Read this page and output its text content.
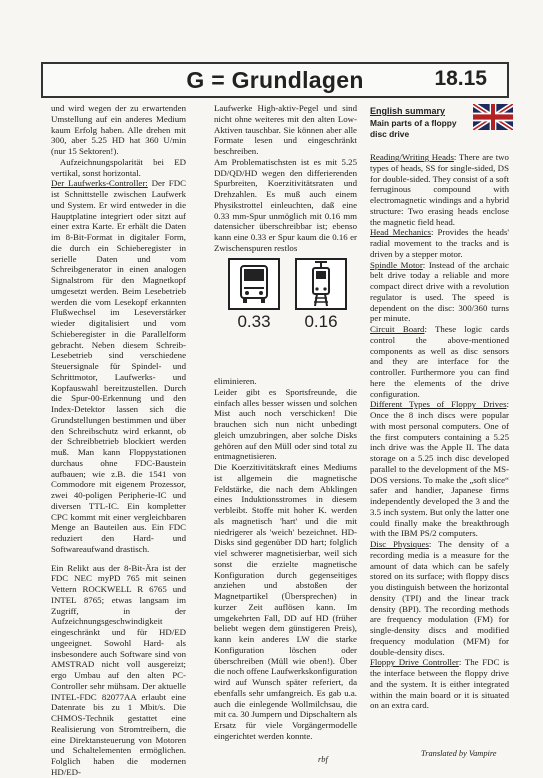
G = Grundlagen	18.15

und wird wegen der zu erwartenden Umstellung auf ein anderes Medium kaum Erfolg haben. Alle drehen mit 300, aber 5.25 HD hat 360 U/min (nur 15 Sektoren!).

 Aufzeichnungspolarität bei ED vertikal, sonst horizontal.

Der Laufwerks-Controller: Der FDC ist Schnittstelle zwischen Laufwerk und System. Er wird entweder in die Hauptplatine integriert oder sitzt auf einer extra Karte. Er erhält die Daten im 8-Bit-Format in digitaler Form, die durch ein Schieberegister in serielle Daten und vom Schreibgenerator in einen analogen Signalstrom für den Magnetkopf umgesetzt werden. Beim Lesebetrieb werden die vom Lesekopf erkannten Flußwechsel im Leseverstärker wieder digitalisiert und vom Schieberegister in die Parallelform gebracht. Neben diesem Schreib-Lesebetrieb sind verschiedene Steuersignale für Spindel- und Schrittmotor, Laufwerks- und Kopfauswahl bereitzustellen. Durch die Spur-00-Erkennung und den Index-Detektor lassen sich die Grundstellungen bestimmen und über den Schreibschutz wird erkannt, ob der Schreibbetrieb blockiert werden muß. Man kann Floppystationen durchaus ohne FDC-Baustein aufbauen; wie z.B. die 1541 von Commodore mit eigenem Prozessor, zwei 40-poligen Peripherie-IC und diversen TTL-IC. Ein kompletter CPC kommt mit einer vergleichbaren Menge an Bauteilen aus. Ein FDC reduziert den Hard- und Softwareaufwand drastisch.

Ein Relikt aus der 8-Bit-Ära ist der FDC NEC myPD 765 mit seinen Vettern ROCKWELL R 6765 und INTEL 8765; etwas langsam im Zugriff, in der Aufzeichnungsgeschwindigkeit eingeschränkt und für HD/ED ungeeignet. Sowohl Hard- als insbesondere auch Software sind von AMSTRAD nicht voll ausgereizt; ergo Umbau auf den alten PC-Controller sehr mühsam. Der aktuelle INTEL-FDC 82077AA erlaubt eine Datenrate bis zu 1 Mbit/s. Die CHMOS-Technik gestattet eine Realisierung von Stromtreibern, die eine Direktansteuerung von Motoren und Schaltelementen ermöglichen. Folglich haben die modernen HD/ED-

Laufwerke High-aktiv-Pegel und sind nicht ohne weiteres mit den alten Low-Aktiven tauschbar. Sie können aber alle Formate lesen und eingeschränkt beschreiben.

Am Problematischsten ist es mit 5.25 DD/QD/HD wegen den differierenden Spurbreiten, Koerzitivitätsraten und Drehzahlen. Es muß auch einem Physikstrottel einleuchten, daß eine 0.33 mm-Spur unmöglich mit 0.16 mm datensicher überschreibbar ist; ebenso kann eine 0.33 er Spur kaum die 0.16 er Zwischenspuren restlos

0.33	0.16

eliminieren.

Leider gibt es Sportsfreunde, die einfach alles besser wissen und solchen Mist auch noch verschicken! Die brauchen sich nun nicht unbedingt gleich umzubringen, aber solche Disks gehören auf den Müll oder sind total zu entmagnetisieren.

Die Koerzitivitätskraft eines Mediums ist allgemein die magnetische Feldstärke, die nach dem Abklingen eines Induktionsstromes in diesem verbleibt. Stoffe mit hoher K. werden als magnetisch 'hart' und die mit niedrigerer als 'weich' bezeichnet. HD-Disks sind gegenüber DD hart; folglich viel schwerer magnetisierbar, weil sich sonst die erzielte magnetische Konfiguration durch gegenseitiges anziehen und abstoßen der Magnetpartikel (Übersprechen) in kurzer Zeit auflösen kann. Im umgekehrten Fall, DD auf HD (früher beliebt wegen dem günstigeren Preis), kann kein anderes LW die starke Konfiguration löschen oder überschreiben (Müll wie oben!). Über die noch offene Laufwerkskonfiguration wird auf Wunsch später referiert, da ebenfalls sehr umfangreich. Es gab u.a. auch die einlegende Wollmilchsau, die mit ca. 30 Jumpern und Dipschaltern als Ersatz für viele Vorgängermodelle eingerichtet werden konnte.

English summary
Main parts of a floppy disc drive

Reading/Writing Heads: There are two types of heads, SS for single-sided, DS for double-sided. They consist of a soft ferruginous compound with electromagnetic windings and a hybrid structure: Two erasing heads enclose the magnetic field head.

Head Mechanics: Provides the heads' radial movement to the tracks and is driven by a stepper motor.

Spindle Motor: Instead of the archaic belt drive today a reliable and more compact direct drive with a revolution regulator is used. The speed is dependent on the disc: 300/360 turns per minute.

Circuit Board: These logic cards control the above-mentioned components as well as disc sensors and they are interface for the controller. Furthermore you can find here the elements of the drive configuration.

Different Types of Floppy Drives: Once the 8 inch discs were popular with most personal computers. One of the first computers containing a 5.25 inch drive was the Apple II. The data storage on a 5.25 inch disc developed parallel to the development of the MS-DOS versions. To make the „soft slice“ safer and handier, Japanese firms independently developed the 3 and the 3.5 inch system. But only the latter one could finally make the breakthrough with the IBM PS/2 computers.

Disc Physiques: The density of a recording media is a measure for the amount of data which can be safely stored on its surface; with floppy discs you distinguish between the horizontal density (TPI) and the linear track density (BPI). The recording methods are frequency modulation (FM) for single-density discs and modified frequency modulation (MFM) for double-density discs.

Floppy Drive Controller: The FDC is the interface between the floppy drive and the system. It is either integrated within the main board or it is situated on an extra card.

rbf
Translated by Vampire
